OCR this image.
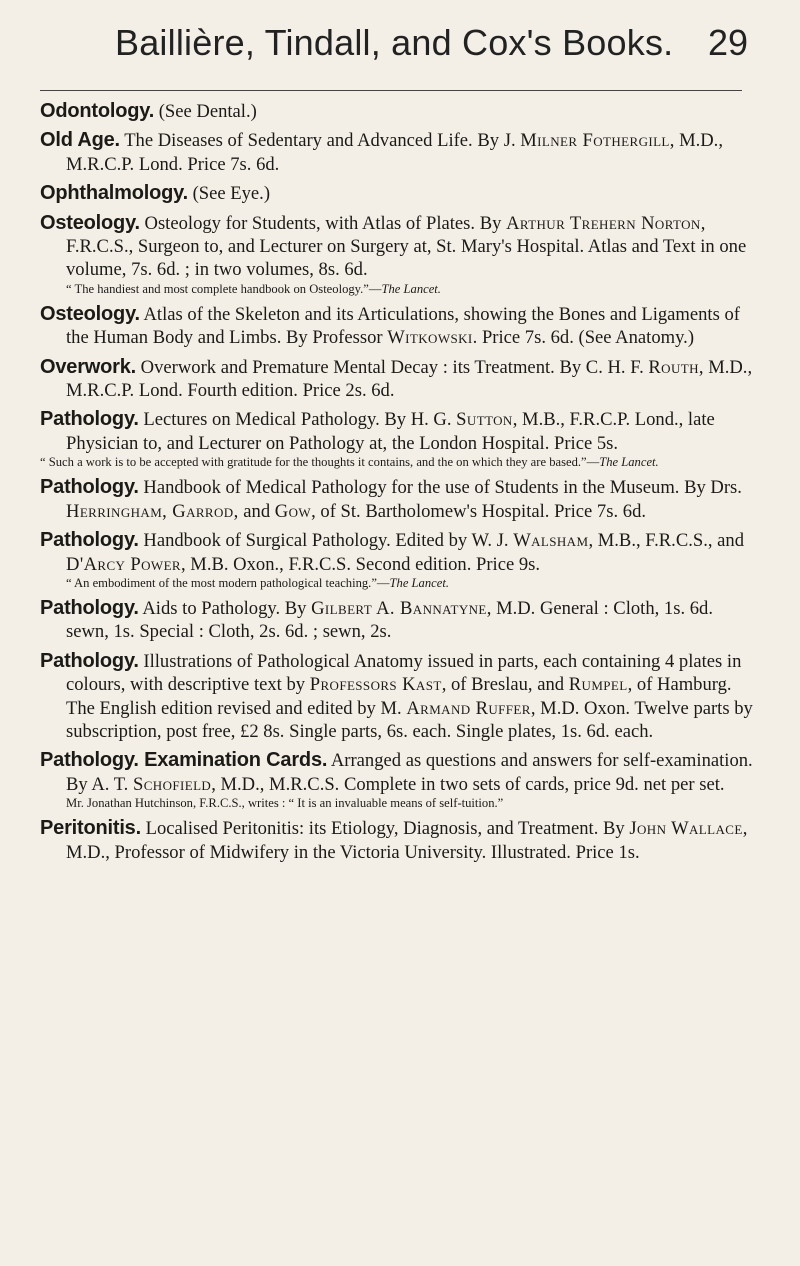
Baillière, Tindall, and Cox's Books. 29

Odontology. (See Dental.)

Old Age. The Diseases of Sedentary and Advanced Life. By J. Milner Fothergill, M.D., M.R.C.P. Lond. Price 7s. 6d.

Ophthalmology. (See Eye.)

Osteology. Osteology for Students, with Atlas of Plates. By Arthur Trehern Norton, F.R.C.S., Surgeon to, and Lecturer on Surgery at, St. Mary's Hospital. Atlas and Text in one volume, 7s. 6d. ; in two volumes, 8s. 6d.

“ The handiest and most complete handbook on Osteology.”—The Lancet.

Osteology. Atlas of the Skeleton and its Articulations, showing the Bones and Ligaments of the Human Body and Limbs. By Professor Witkowski. Price 7s. 6d. (See Anatomy.)

Overwork. Overwork and Premature Mental Decay : its Treatment. By C. H. F. Routh, M.D., M.R.C.P. Lond. Fourth edition. Price 2s. 6d.

Pathology. Lectures on Medical Pathology. By H. G. Sutton, M.B., F.R.C.P. Lond., late Physician to, and Lecturer on Pathology at, the London Hospital. Price 5s.

“ Such a work is to be accepted with gratitude for the thoughts it contains, and the on which they are based.”—The Lancet.

Pathology. Handbook of Medical Pathology for the use of Students in the Museum. By Drs. Herringham, Garrod, and Gow, of St. Bartholomew's Hospital. Price 7s. 6d.

Pathology. Handbook of Surgical Pathology. Edited by W. J. Walsham, M.B., F.R.C.S., and D'Arcy Power, M.B. Oxon., F.R.C.S. Second edition. Price 9s.

“ An embodiment of the most modern pathological teaching.”—The Lancet.

Pathology. Aids to Pathology. By Gilbert A. Bannatyne, M.D. General : Cloth, 1s. 6d. sewn, 1s. Special : Cloth, 2s. 6d. ; sewn, 2s.

Pathology. Illustrations of Pathological Anatomy issued in parts, each containing 4 plates in colours, with descriptive text by Professors Kast, of Breslau, and Rumpel, of Hamburg. The English edition revised and edited by M. Armand Ruffer, M.D. Oxon. Twelve parts by subscription, post free, £2 8s. Single parts, 6s. each. Single plates, 1s. 6d. each.

Pathology. Examination Cards. Arranged as questions and answers for self-examination. By A. T. Schofield, M.D., M.R.C.S. Complete in two sets of cards, price 9d. net per set.

Mr. Jonathan Hutchinson, F.R.C.S., writes : “ It is an invaluable means of self-tuition.”

Peritonitis. Localised Peritonitis: its Etiology, Diagnosis, and Treatment. By John Wallace, M.D., Professor of Midwifery in the Victoria University. Illustrated. Price 1s.
